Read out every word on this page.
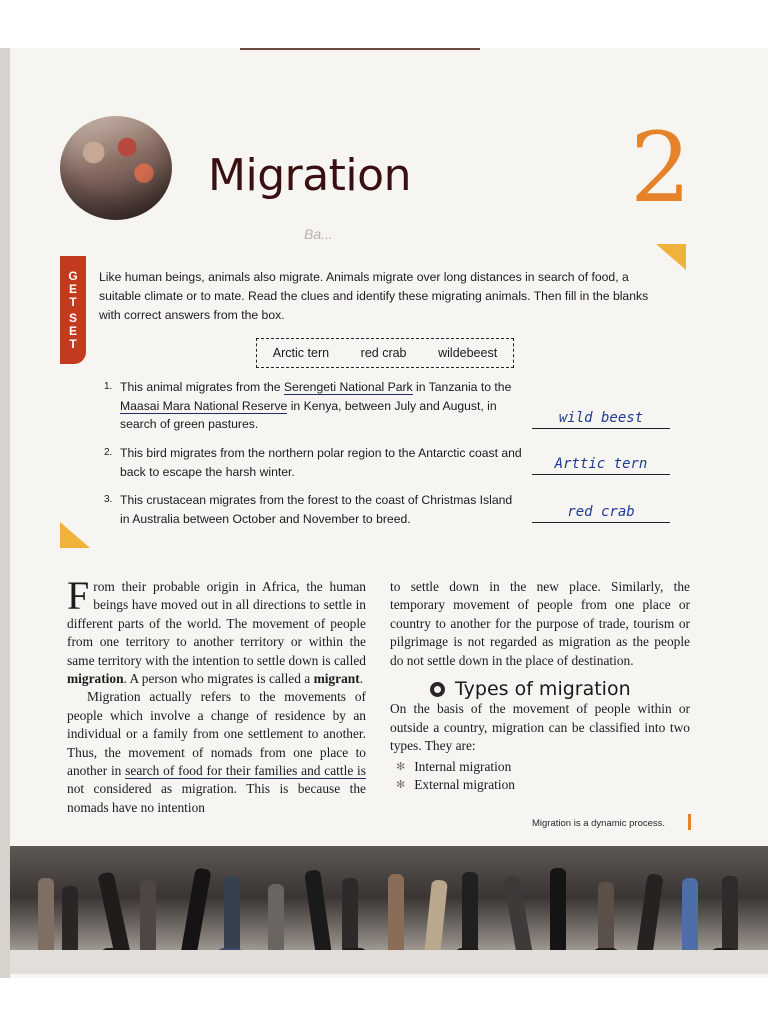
Migration 2
Ba...
G
E
T
S
E
T

Like human beings, animals also migrate. Animals migrate over long distances in search of food, a suitable climate or to mate. Read the clues and identify these migrating animals. Then fill in the blanks with correct answers from the box.

Arctic tern	red crab	wildebeest
1. This animal migrates from the Serengeti National Park in Tanzania to the Maasai Mara National Reserve in Kenya, between July and August, in search of green pastures.	wild beest
2. This bird migrates from the northern polar region to the Antarctic coast and back to escape the harsh winter.	Arttic tern
3. This crustacean migrates from the forest to the coast of Christmas Island in Australia between October and November to breed.	red crab

From their probable origin in Africa, the human beings have moved out in all directions to settle in different parts of the world. The movement of people from one territory to another territory or within the same territory with the intention to settle down is called migration. A person who migrates is called a migrant.

Migration actually refers to the movements of people which involve a change of residence by an individual or a family from one settlement to another. Thus, the movement of nomads from one place to another in search of food for their families and cattle is not considered as migration. This is because the nomads have no intention

to settle down in the new place. Similarly, the temporary movement of people from one place or country to another for the purpose of trade, tourism or pilgrimage is not regarded as migration as the people do not settle down in the place of destination.

Types of migration

On the basis of the movement of people within or outside a country, migration can be classified into two types. They are:

✻ Internal migration
✻ External migration
Migration is a dynamic process.
